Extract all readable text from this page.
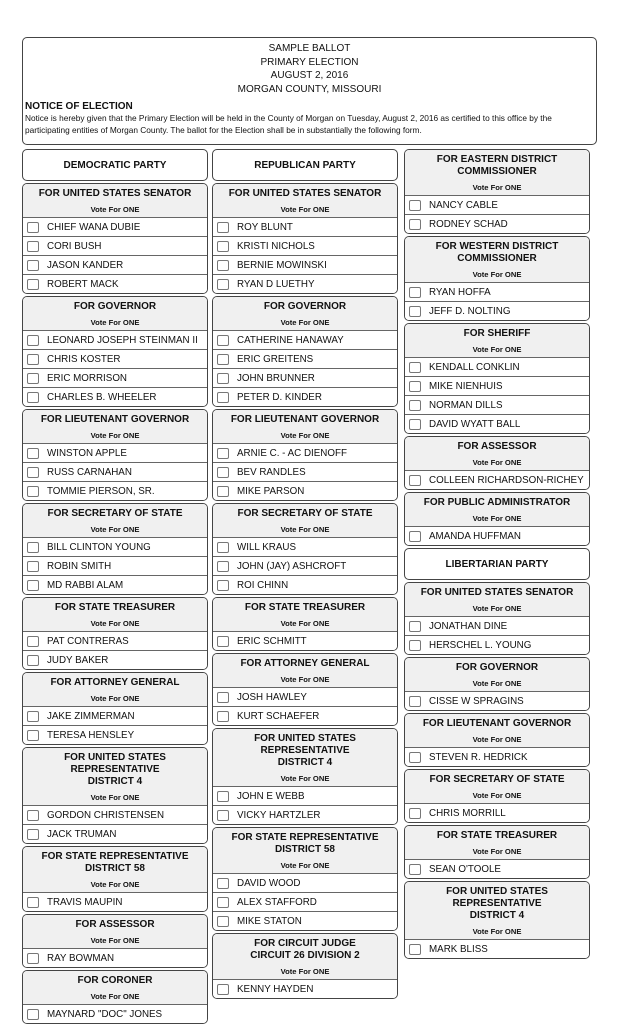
SAMPLE BALLOT
PRIMARY ELECTION
AUGUST 2, 2016
MORGAN COUNTY, MISSOURI
NOTICE OF ELECTION
Notice is hereby given that the Primary Election will be held in the County of Morgan on Tuesday, August 2, 2016 as certified to this office by the participating entities of Morgan County. The ballot for the Election shall be in substantially the following form.
DEMOCRATIC PARTY
FOR UNITED STATES SENATOR
Vote For ONE
CHIEF WANA DUBIE
CORI BUSH
JASON KANDER
ROBERT MACK
FOR GOVERNOR
Vote For ONE
LEONARD JOSEPH STEINMAN II
CHRIS KOSTER
ERIC MORRISON
CHARLES B. WHEELER
FOR LIEUTENANT GOVERNOR
Vote For ONE
WINSTON APPLE
RUSS CARNAHAN
TOMMIE PIERSON, SR.
FOR SECRETARY OF STATE
Vote For ONE
BILL CLINTON YOUNG
ROBIN SMITH
MD RABBI ALAM
FOR STATE TREASURER
Vote For ONE
PAT CONTRERAS
JUDY BAKER
FOR ATTORNEY GENERAL
Vote For ONE
JAKE ZIMMERMAN
TERESA HENSLEY
FOR UNITED STATES
REPRESENTATIVE
DISTRICT 4
Vote For ONE
GORDON CHRISTENSEN
JACK TRUMAN
FOR STATE REPRESENTATIVE
DISTRICT 58
Vote For ONE
TRAVIS MAUPIN
FOR ASSESSOR
Vote For ONE
RAY BOWMAN
FOR CORONER
Vote For ONE
MAYNARD "DOC" JONES
REPUBLICAN PARTY
FOR UNITED STATES SENATOR
Vote For ONE
ROY BLUNT
KRISTI NICHOLS
BERNIE MOWINSKI
RYAN D LUETHY
FOR GOVERNOR
Vote For ONE
CATHERINE HANAWAY
ERIC GREITENS
JOHN BRUNNER
PETER D. KINDER
FOR LIEUTENANT GOVERNOR
Vote For ONE
ARNIE C. - AC DIENOFF
BEV RANDLES
MIKE PARSON
FOR SECRETARY OF STATE
Vote For ONE
WILL KRAUS
JOHN (JAY) ASHCROFT
ROI CHINN
FOR STATE TREASURER
Vote For ONE
ERIC SCHMITT
FOR ATTORNEY GENERAL
Vote For ONE
JOSH HAWLEY
KURT SCHAEFER
FOR UNITED STATES
REPRESENTATIVE
DISTRICT 4
Vote For ONE
JOHN E WEBB
VICKY HARTZLER
FOR STATE REPRESENTATIVE
DISTRICT 58
Vote For ONE
DAVID WOOD
ALEX STAFFORD
MIKE STATON
FOR CIRCUIT JUDGE
CIRCUIT 26 DIVISION 2
Vote For ONE
KENNY HAYDEN
FOR EASTERN DISTRICT
COMMISSIONER
Vote For ONE
NANCY CABLE
RODNEY SCHAD
FOR WESTERN DISTRICT
COMMISSIONER
Vote For ONE
RYAN HOFFA
JEFF D. NOLTING
FOR SHERIFF
Vote For ONE
KENDALL CONKLIN
MIKE NIENHUIS
NORMAN DILLS
DAVID WYATT BALL
FOR ASSESSOR
Vote For ONE
COLLEEN RICHARDSON-RICHEY
FOR PUBLIC ADMINISTRATOR
Vote For ONE
AMANDA HUFFMAN
LIBERTARIAN PARTY
FOR UNITED STATES SENATOR
Vote For ONE
JONATHAN DINE
HERSCHEL L. YOUNG
FOR GOVERNOR
Vote For ONE
CISSE W SPRAGINS
FOR LIEUTENANT GOVERNOR
Vote For ONE
STEVEN R. HEDRICK
FOR SECRETARY OF STATE
Vote For ONE
CHRIS MORRILL
FOR STATE TREASURER
Vote For ONE
SEAN O'TOOLE
FOR UNITED STATES
REPRESENTATIVE
DISTRICT 4
Vote For ONE
MARK BLISS
